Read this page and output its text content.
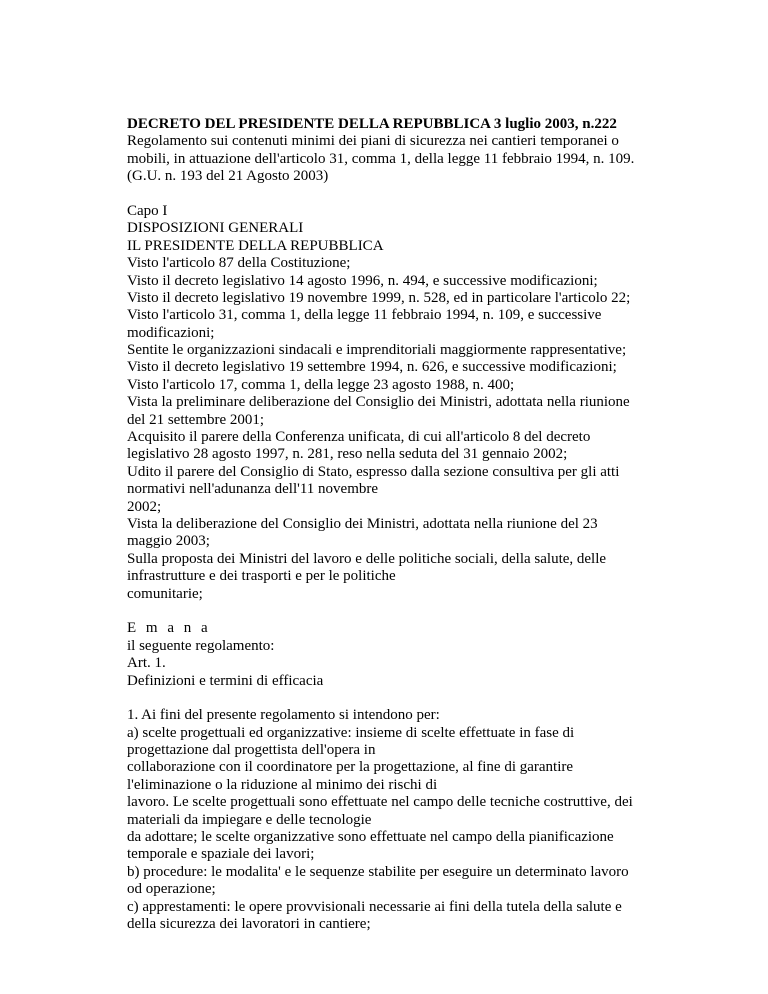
DECRETO DEL PRESIDENTE DELLA REPUBBLICA 3 luglio 2003, n.222
Regolamento sui contenuti minimi dei piani di sicurezza nei cantieri temporanei o
mobili, in attuazione dell'articolo 31, comma 1, della legge 11 febbraio 1994, n. 109.
(G.U. n. 193 del 21 Agosto 2003)
Capo I
DISPOSIZIONI GENERALI
IL PRESIDENTE DELLA REPUBBLICA
Visto l'articolo 87 della Costituzione;
Visto il decreto legislativo 14 agosto 1996, n. 494, e successive modificazioni;
Visto il decreto legislativo 19 novembre 1999, n. 528, ed in particolare l'articolo 22;
Visto l'articolo 31, comma 1, della legge 11 febbraio 1994, n. 109, e successive
modificazioni;
Sentite le organizzazioni sindacali e imprenditoriali maggiormente rappresentative;
Visto il decreto legislativo 19 settembre 1994, n. 626, e successive modificazioni;
Visto l'articolo 17, comma 1, della legge 23 agosto 1988, n. 400;
Vista la preliminare deliberazione del Consiglio dei Ministri, adottata nella riunione
del 21 settembre 2001;
Acquisito il parere della Conferenza unificata, di cui all'articolo 8 del decreto
legislativo 28 agosto 1997, n. 281, reso nella seduta del 31 gennaio 2002;
Udito il parere del Consiglio di Stato, espresso dalla sezione consultiva per gli atti
normativi nell'adunanza dell'11 novembre
2002;
Vista la deliberazione del Consiglio dei Ministri, adottata nella riunione del 23
maggio 2003;
Sulla proposta dei Ministri del lavoro e delle politiche sociali, della salute, delle
infrastrutture e dei trasporti e per le politiche
comunitarie;
E m a n a
il seguente regolamento:
Art. 1.
Definizioni e termini di efficacia
1. Ai fini del presente regolamento si intendono per:
a) scelte progettuali ed organizzative: insieme di scelte effettuate in fase di
progettazione dal progettista dell'opera in
collaborazione con il coordinatore per la progettazione, al fine di garantire
l'eliminazione o la riduzione al minimo dei rischi di
lavoro. Le scelte progettuali sono effettuate nel campo delle tecniche costruttive, dei
materiali da impiegare e delle tecnologie
da adottare; le scelte organizzative sono effettuate nel campo della pianificazione
temporale e spaziale dei lavori;
b) procedure: le modalita' e le sequenze stabilite per eseguire un determinato lavoro
od operazione;
c) apprestamenti: le opere provvisionali necessarie ai fini della tutela della salute e
della sicurezza dei lavoratori in cantiere;
